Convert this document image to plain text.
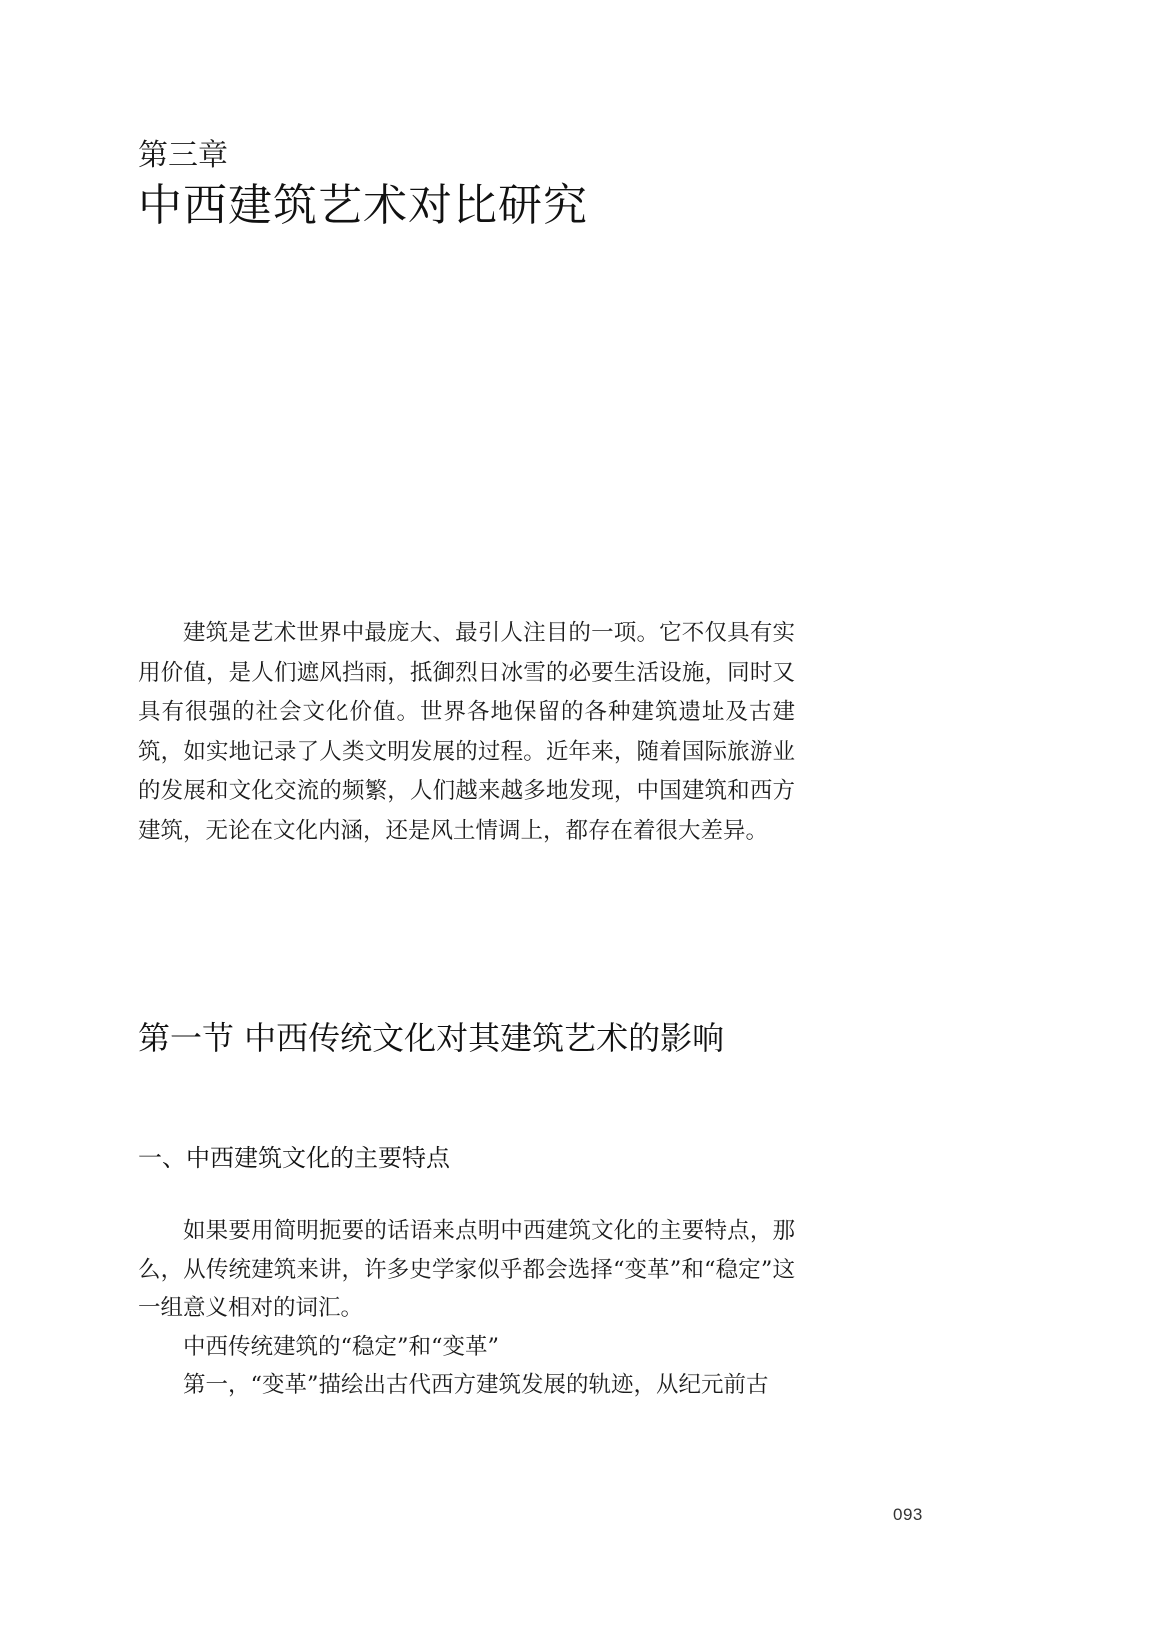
第三章
中西建筑艺术对比研究

建筑是艺术世界中最庞大、最引人注目的一项。它不仅具有实用价值，是人们遮风挡雨，抵御烈日冰雪的必要生活设施，同时又具有很强的社会文化价值。世界各地保留的各种建筑遗址及古建筑，如实地记录了人类文明发展的过程。近年来，随着国际旅游业的发展和文化交流的频繁，人们越来越多地发现，中国建筑和西方建筑，无论在文化内涵，还是风土情调上，都存在着很大差异。

第一节 中西传统文化对其建筑艺术的影响
一、中西建筑文化的主要特点

如果要用简明扼要的话语来点明中西建筑文化的主要特点，那么，从传统建筑来讲，许多史学家似乎都会选择“变革”和“稳定”这一组意义相对的词汇。

中西传统建筑的“稳定”和“变革”

第一，“变革”描绘出古代西方建筑发展的轨迹，从纪元前古

093
